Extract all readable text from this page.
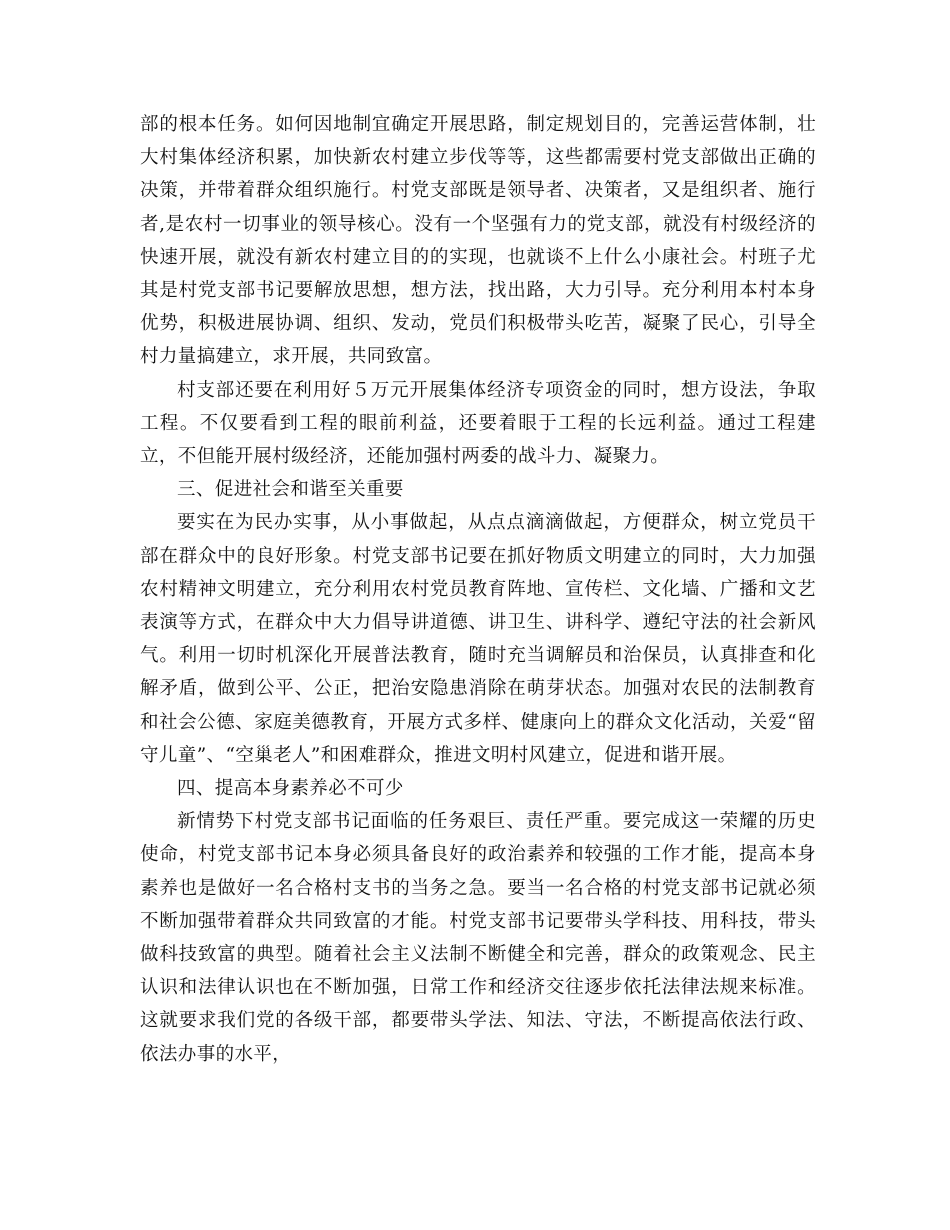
部的根本任务。如何因地制宜确定开展思路，制定规划目的，完善运营体制，壮大村集体经济积累，加快新农村建立步伐等等，这些都需要村党支部做出正确的决策，并带着群众组织施行。村党支部既是领导者、决策者，又是组织者、施行者,是农村一切事业的领导核心。没有一个坚强有力的党支部，就没有村级经济的快速开展，就没有新农村建立目的的实现，也就谈不上什么小康社会。村班子尤其是村党支部书记要解放思想，想方法，找出路，大力引导。充分利用本村本身优势，积极进展协调、组织、发动，党员们积极带头吃苦，凝聚了民心，引导全村力量搞建立，求开展，共同致富。

村支部还要在利用好５万元开展集体经济专项资金的同时，想方设法，争取工程。不仅要看到工程的眼前利益，还要着眼于工程的长远利益。通过工程建立，不但能开展村级经济，还能加强村两委的战斗力、凝聚力。

三、促进社会和谐至关重要

要实在为民办实事，从小事做起，从点点滴滴做起，方便群众，树立党员干部在群众中的良好形象。村党支部书记要在抓好物质文明建立的同时，大力加强农村精神文明建立，充分利用农村党员教育阵地、宣传栏、文化墙、广播和文艺表演等方式，在群众中大力倡导讲道德、讲卫生、讲科学、遵纪守法的社会新风气。利用一切时机深化开展普法教育，随时充当调解员和治保员，认真排查和化解矛盾，做到公平、公正，把治安隐患消除在萌芽状态。加强对农民的法制教育和社会公德、家庭美德教育，开展方式多样、健康向上的群众文化活动，关爱“留守儿童”、“空巢老人”和困难群众，推进文明村风建立，促进和谐开展。

四、提高本身素养必不可少

新情势下村党支部书记面临的任务艰巨、责任严重。要完成这一荣耀的历史使命，村党支部书记本身必须具备良好的政治素养和较强的工作才能，提高本身素养也是做好一名合格村支书的当务之急。要当一名合格的村党支部书记就必须不断加强带着群众共同致富的才能。村党支部书记要带头学科技、用科技，带头做科技致富的典型。随着社会主义法制不断健全和完善，群众的政策观念、民主认识和法律认识也在不断加强，日常工作和经济交往逐步依托法律法规来标准。这就要求我们党的各级干部，都要带头学法、知法、守法，不断提高依法行政、依法办事的水平，
